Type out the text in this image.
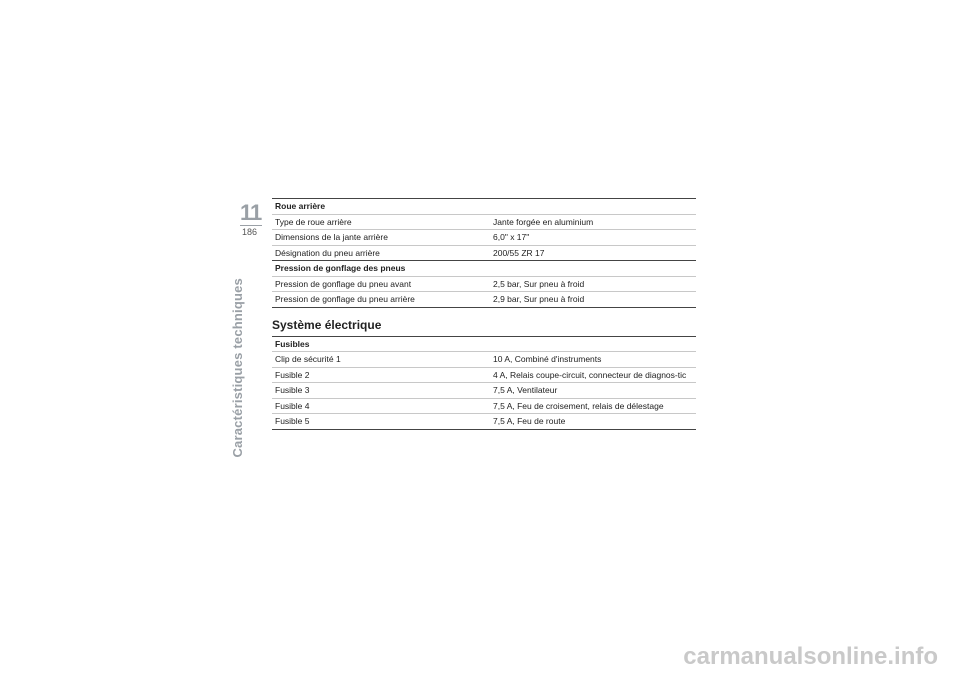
11
186
Caractéristiques techniques
Roue arrière	
Type de roue arrière	Jante forgée en aluminium
Dimensions de la jante arrière	6,0" x 17"
Désignation du pneu arrière	200/55 ZR 17
Pression de gonflage des pneus	
Pression de gonflage du pneu avant	2,5 bar, Sur pneu à froid
Pression de gonflage du pneu arrière	2,9 bar, Sur pneu à froid
Système électrique
Fusibles	
Clip de sécurité 1	10 A, Combiné d'instruments
Fusible 2	4 A, Relais coupe-circuit, connecteur de diagnos-tic
Fusible 3	7,5 A, Ventilateur
Fusible 4	7,5 A, Feu de croisement, relais de délestage
Fusible 5	7,5 A, Feu de route
carmanualsonline.info
